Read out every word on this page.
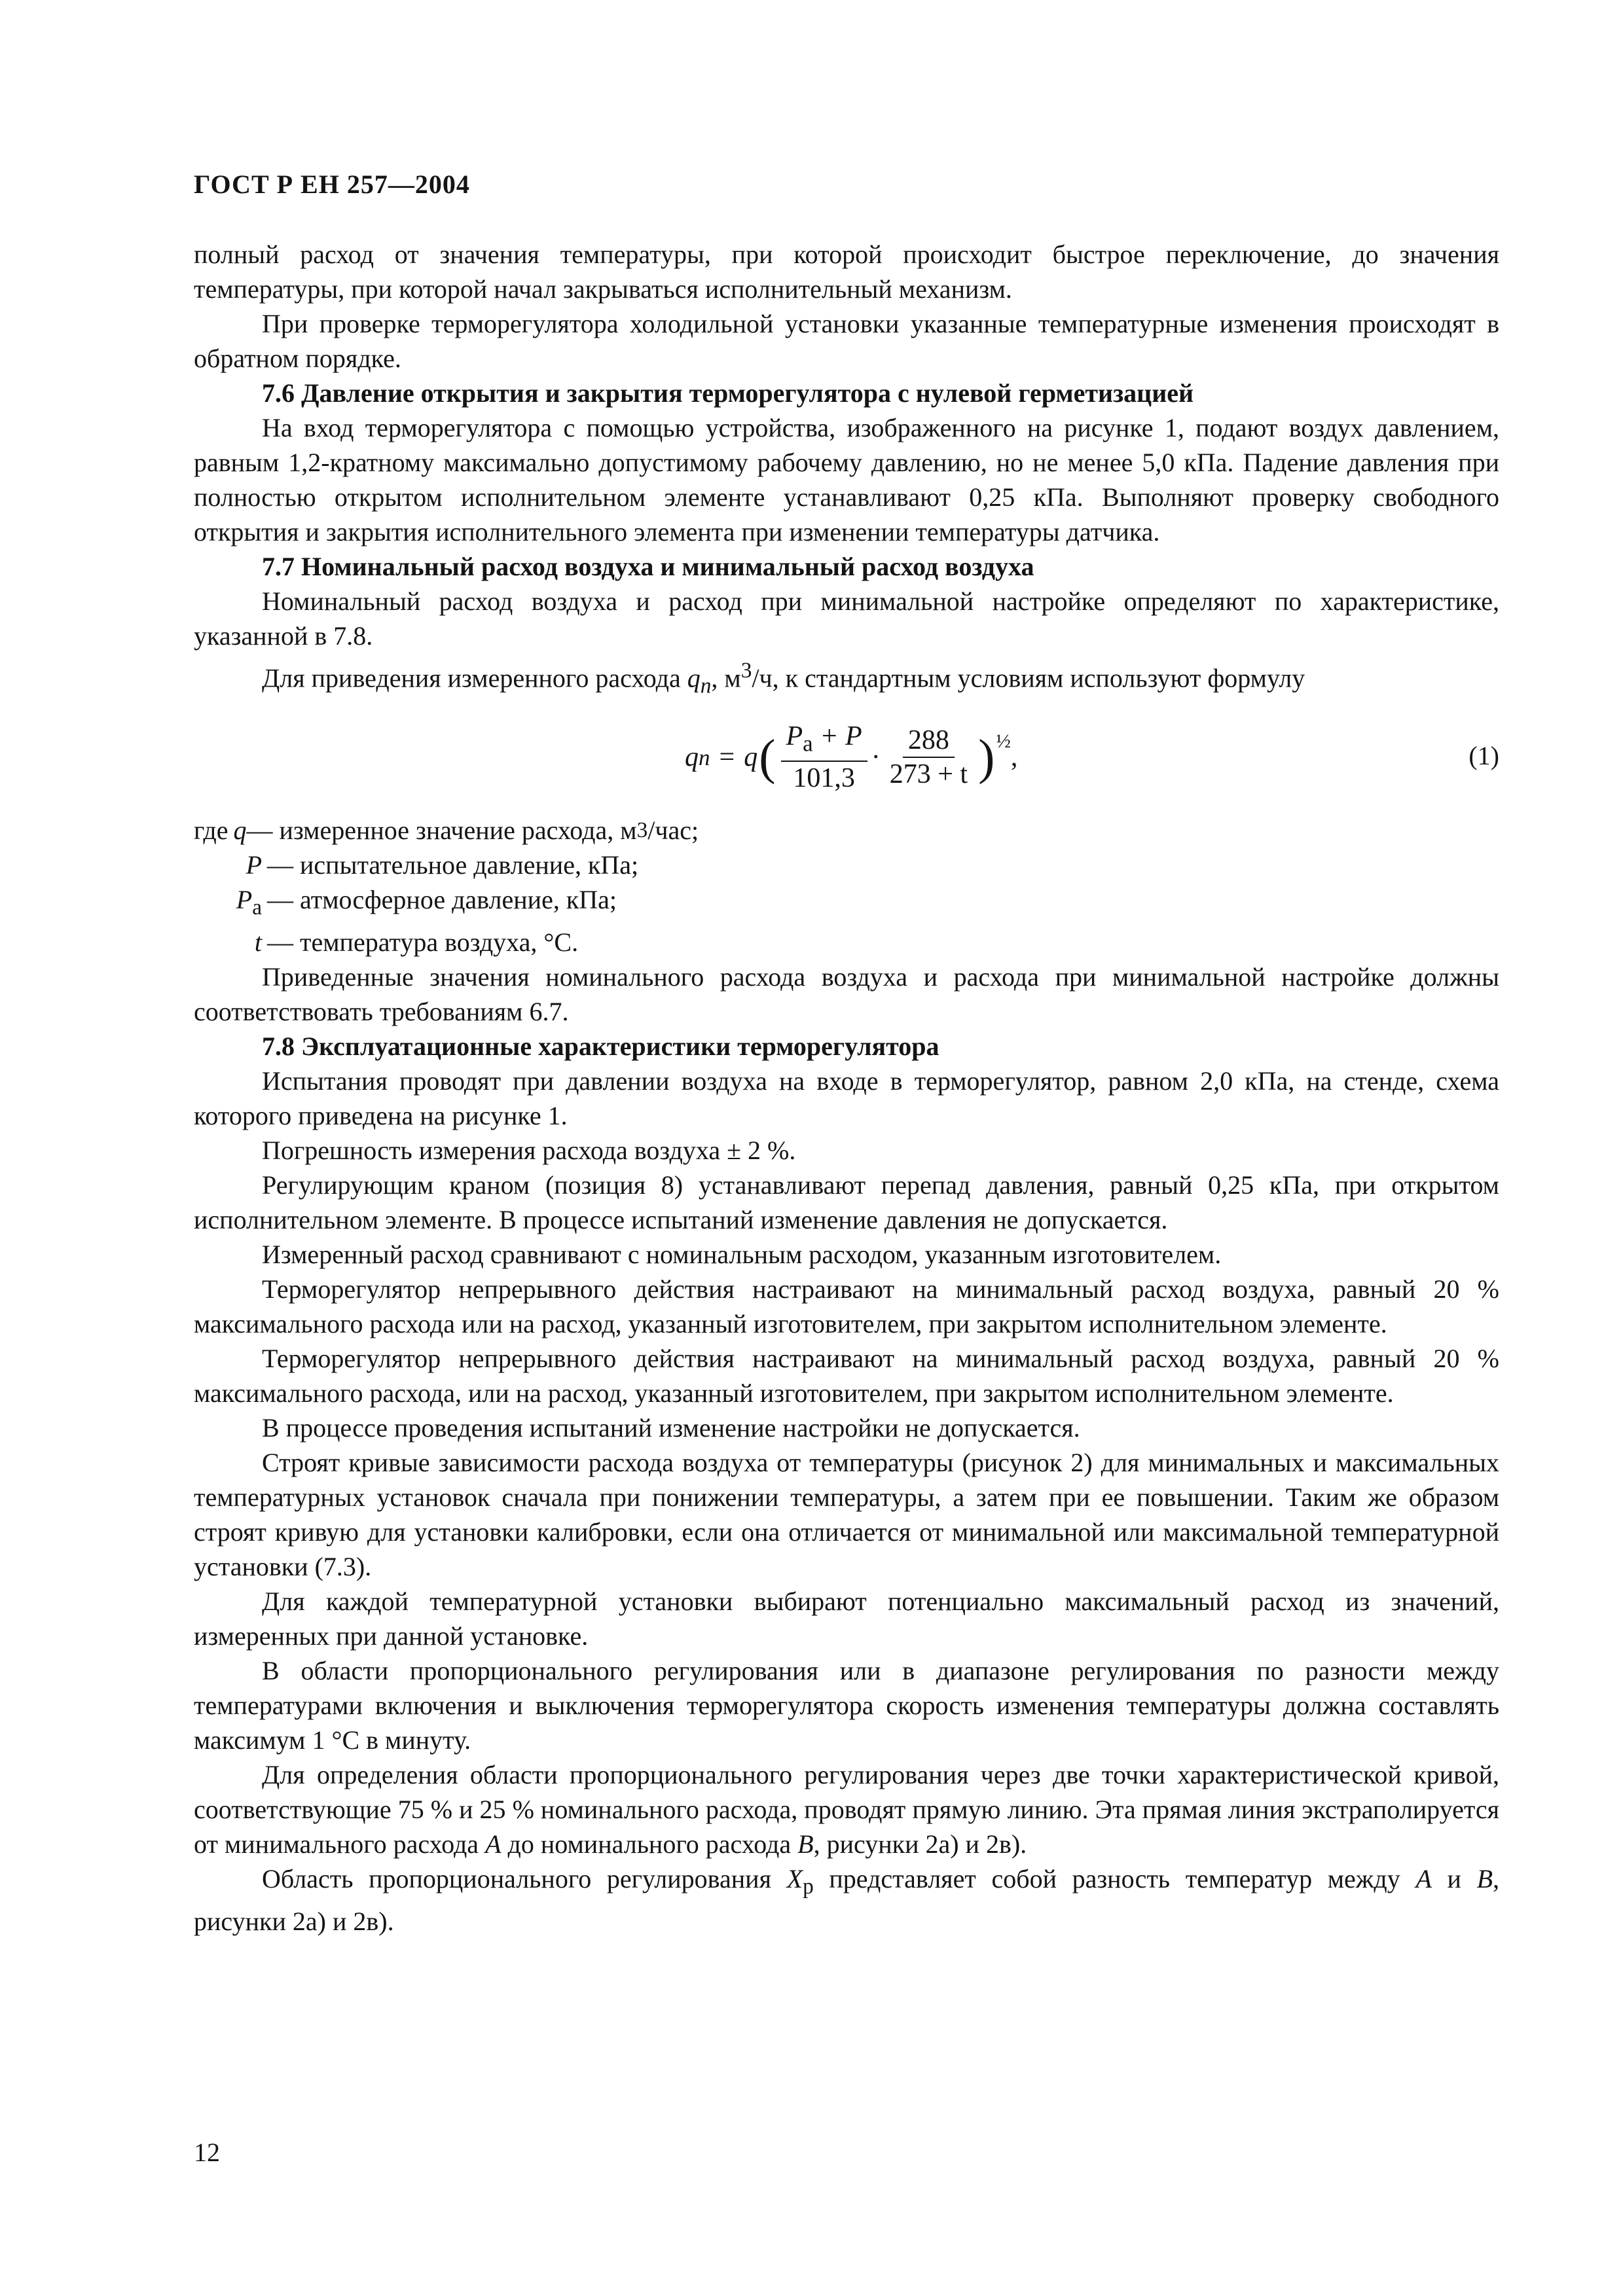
ГОСТ Р ЕН 257—2004

полный расход от значения температуры, при которой происходит быстрое переключение, до значения температуры, при которой начал закрываться исполнительный механизм.

При проверке терморегулятора холодильной установки указанные температурные изменения происходят в обратном порядке.

7.6 Давление открытия и закрытия терморегулятора с нулевой герметизацией

На вход терморегулятора с помощью устройства, изображенного на рисунке 1, подают воздух давлением, равным 1,2-кратному максимально допустимому рабочему давлению, но не менее 5,0 кПа. Падение давления при полностью открытом исполнительном элементе устанавливают 0,25 кПа. Выполняют проверку свободного открытия и закрытия исполнительного элемента при изменении температуры датчика.

7.7 Номинальный расход воздуха и минимальный расход воздуха

Номинальный расход воздуха и расход при минимальной настройке определяют по характеристике, указанной в 7.8.

Для приведения измеренного расхода $q_n$, $м^3/ч$, к стандартным условиям используют формулу

q n = q ( $\frac{P_a + P}{101,3} \cdot \frac{288}{273 + t} )^{\frac{1}{2}}$
,	(1)
где q — измеренное значение расхода, м 3 /час;
P — испытательное давление, кПа;
$P_а$ — атмосферное давление, кПа;
t — температура воздуха, °С.

Приведенные значения номинального расхода воздуха и расхода при минимальной настройке должны соответствовать требованиям 6.7.

7.8 Эксплуатационные характеристики терморегулятора

Испытания проводят при давлении воздуха на входе в терморегулятор, равном 2,0 кПа, на стенде, схема которого приведена на рисунке 1.

Погрешность измерения расхода воздуха ± 2 %.

Регулирующим краном (позиция 8) устанавливают перепад давления, равный 0,25 кПа, при открытом исполнительном элементе. В процессе испытаний изменение давления не допускается.

Измеренный расход сравнивают с номинальным расходом, указанным изготовителем.

Терморегулятор непрерывного действия настраивают на минимальный расход воздуха, равный 20 % максимального расхода или на расход, указанный изготовителем, при закрытом исполнительном элементе.

Терморегулятор непрерывного действия настраивают на минимальный расход воздуха, равный 20 % максимального расхода, или на расход, указанный изготовителем, при закрытом исполнительном элементе.

В процессе проведения испытаний изменение настройки не допускается.

Строят кривые зависимости расхода воздуха от температуры (рисунок 2) для минимальных и максимальных температурных установок сначала при понижении температуры, а затем при ее повышении. Таким же образом строят кривую для установки калибровки, если она отличается от минимальной или максимальной температурной установки (7.3).

Для каждой температурной установки выбирают потенциально максимальный расход из значений, измеренных при данной установке.

В области пропорционального регулирования или в диапазоне регулирования по разности между температурами включения и выключения терморегулятора скорость изменения температуры должна составлять максимум 1 °С в минуту.

Для определения области пропорционального регулирования через две точки характеристической кривой, соответствующие 75 % и 25 % номинального расхода, проводят прямую линию. Эта прямая линия экстраполируется от минимального расхода A до номинального расхода B, рисунки 2а) и 2в).

Область пропорционального регулирования $X_р$ представляет собой разность температур между A и B, рисунки 2а) и 2в).

12
